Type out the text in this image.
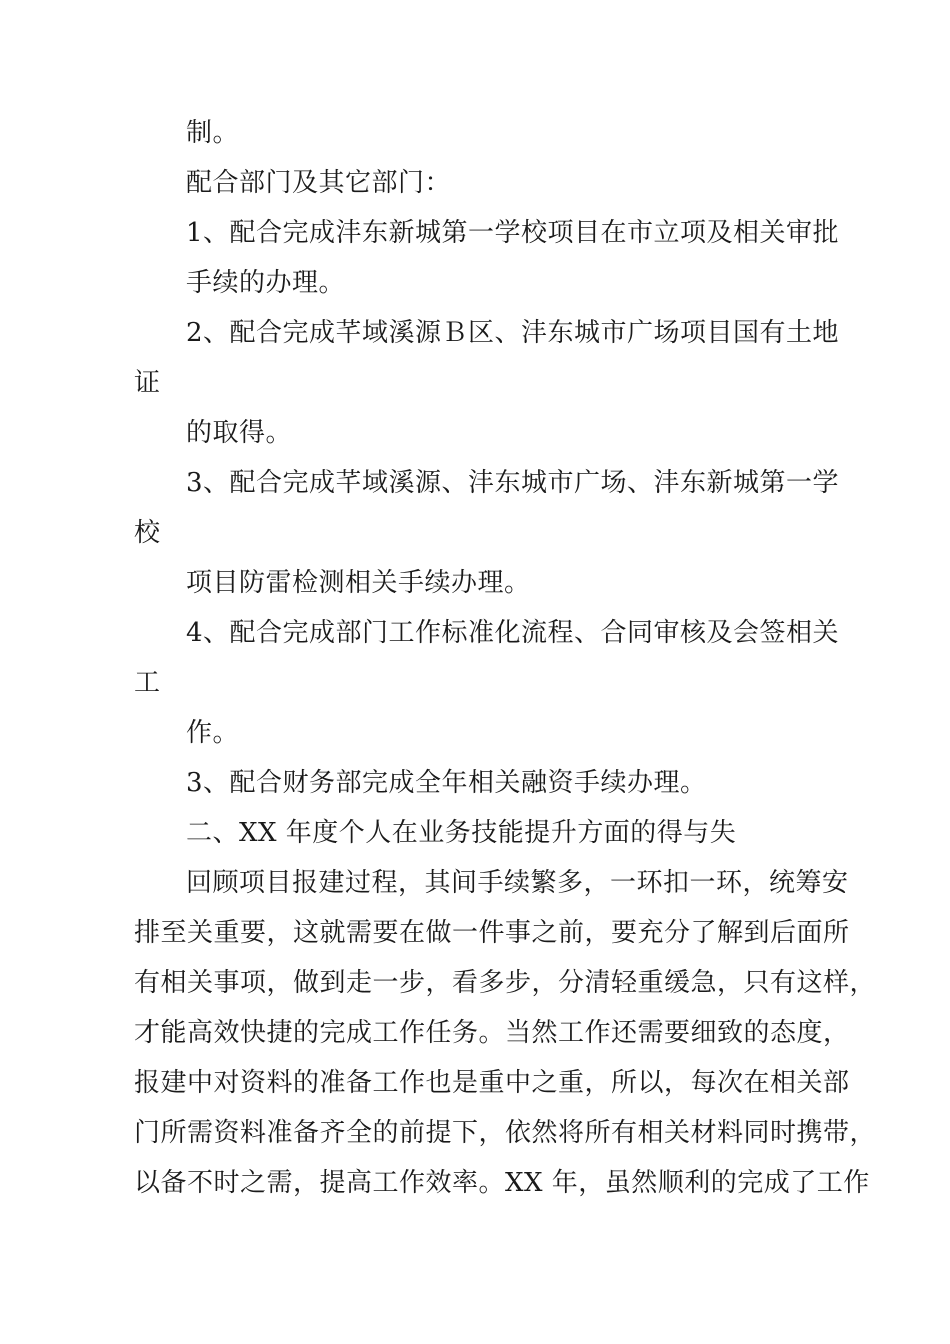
制。
配合部门及其它部门：
1、配合完成沣东新城第一学校项目在市立项及相关审批
手续的办理。
2、配合完成芊域溪源Ｂ区、沣东城市广场项目国有土地
证
的取得。
3、配合完成芊域溪源、沣东城市广场、沣东新城第一学
校
项目防雷检测相关手续办理。
4、配合完成部门工作标准化流程、合同审核及会签相关
工
作。
3、配合财务部完成全年相关融资手续办理。
二、XX 年度个人在业务技能提升方面的得与失
回顾项目报建过程，其间手续繁多，一环扣一环，统筹安
排至关重要，这就需要在做一件事之前，要充分了解到后面所
有相关事项，做到走一步，看多步，分清轻重缓急，只有这样，
才能高效快捷的完成工作任务。当然工作还需要细致的态度，
报建中对资料的准备工作也是重中之重，所以，每次在相关部
门所需资料准备齐全的前提下，依然将所有相关材料同时携带，
以备不时之需，提高工作效率。XX 年，虽然顺利的完成了工作
